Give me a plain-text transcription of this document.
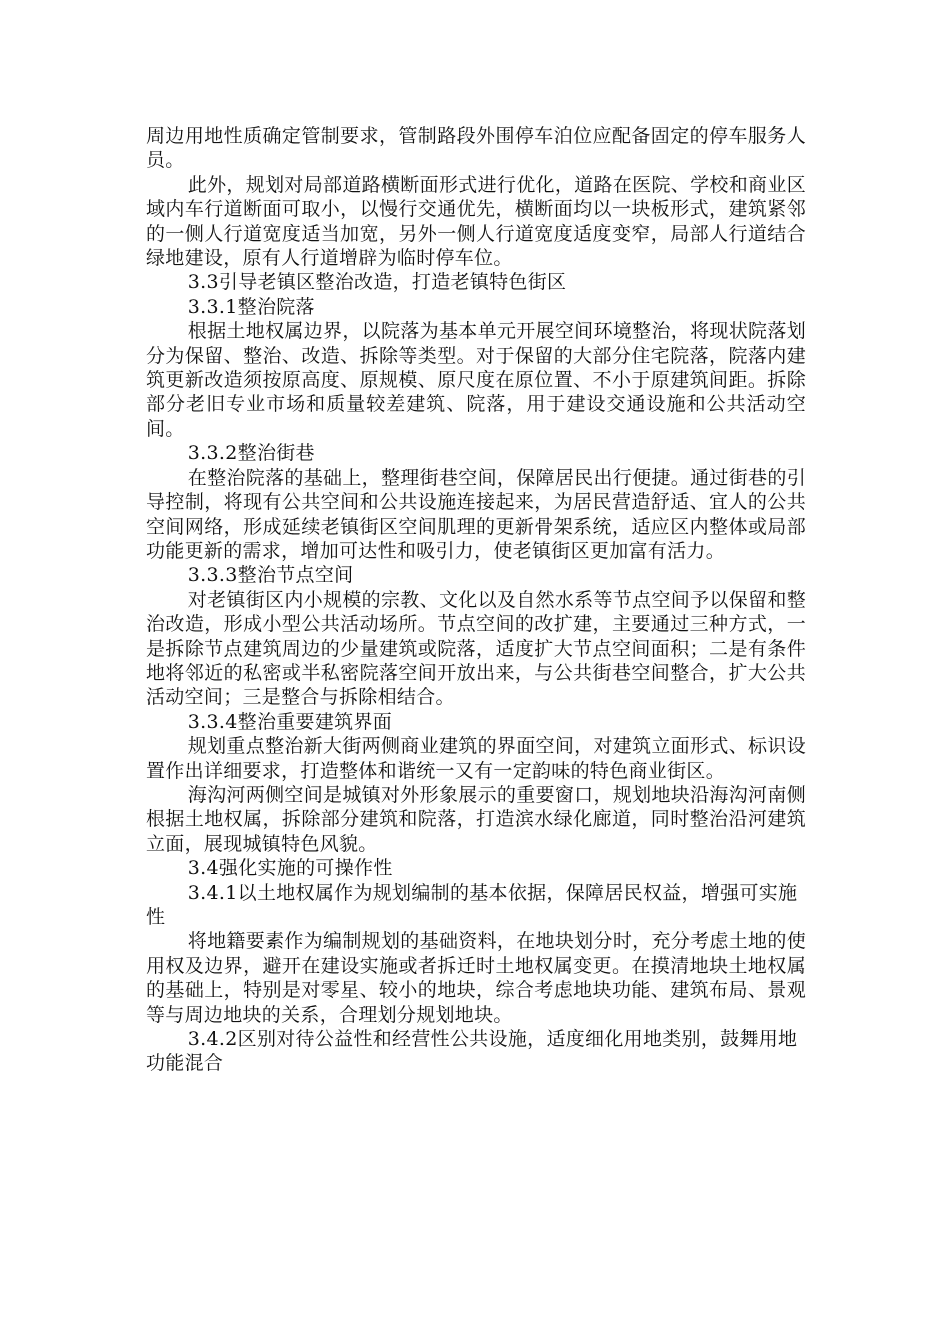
周边用地性质确定管制要求，管制路段外围停车泊位应配备固定的停车服务人员。

此外，规划对局部道路横断面形式进行优化，道路在医院、学校和商业区域内车行道断面可取小，以慢行交通优先，横断面均以一块板形式，建筑紧邻的一侧人行道宽度适当加宽，另外一侧人行道宽度适度变窄，局部人行道结合绿地建设，原有人行道增辟为临时停车位。

3.3引导老镇区整治改造，打造老镇特色街区

3.3.1整治院落

根据土地权属边界，以院落为基本单元开展空间环境整治，将现状院落划分为保留、整治、改造、拆除等类型。对于保留的大部分住宅院落，院落内建筑更新改造须按原高度、原规模、原尺度在原位置、不小于原建筑间距。拆除部分老旧专业市场和质量较差建筑、院落，用于建设交通设施和公共活动空间。

3.3.2整治街巷

在整治院落的基础上，整理街巷空间，保障居民出行便捷。通过街巷的引导控制，将现有公共空间和公共设施连接起来，为居民营造舒适、宜人的公共空间网络，形成延续老镇街区空间肌理的更新骨架系统，适应区内整体或局部功能更新的需求，增加可达性和吸引力，使老镇街区更加富有活力。

3.3.3整治节点空间

对老镇街区内小规模的宗教、文化以及自然水系等节点空间予以保留和整治改造，形成小型公共活动场所。节点空间的改扩建，主要通过三种方式，一是拆除节点建筑周边的少量建筑或院落，适度扩大节点空间面积；二是有条件地将邻近的私密或半私密院落空间开放出来，与公共街巷空间整合，扩大公共活动空间；三是整合与拆除相结合。

3.3.4整治重要建筑界面

规划重点整治新大街两侧商业建筑的界面空间，对建筑立面形式、标识设置作出详细要求，打造整体和谐统一又有一定韵味的特色商业街区。

海沟河两侧空间是城镇对外形象展示的重要窗口，规划地块沿海沟河南侧根据土地权属，拆除部分建筑和院落，打造滨水绿化廊道，同时整治沿河建筑立面，展现城镇特色风貌。

3.4强化实施的可操作性

3.4.1以土地权属作为规划编制的基本依据，保障居民权益，增强可实施性

将地籍要素作为编制规划的基础资料，在地块划分时，充分考虑土地的使用权及边界，避开在建设实施或者拆迁时土地权属变更。在摸清地块土地权属的基础上，特别是对零星、较小的地块，综合考虑地块功能、建筑布局、景观等与周边地块的关系，合理划分规划地块。

3.4.2区别对待公益性和经营性公共设施，适度细化用地类别，鼓舞用地功能混合
